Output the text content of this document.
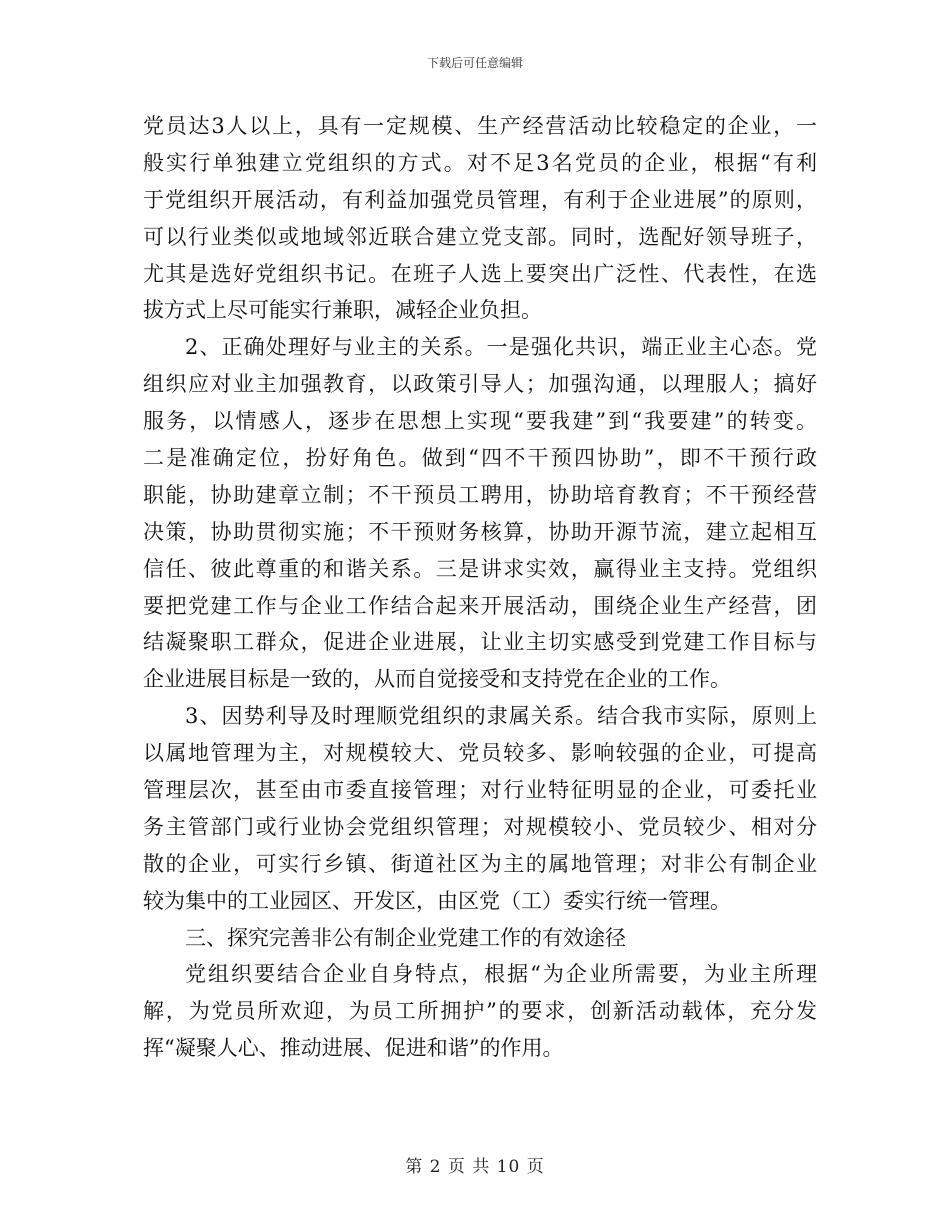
下载后可任意编辑
党员达3人以上，具有一定规模、生产经营活动比较稳定的企业，一
般实行单独建立党组织的方式。对不足3名党员的企业，根据“有利
于党组织开展活动，有利益加强党员管理，有利于企业进展”的原则，
可以行业类似或地域邻近联合建立党支部。同时，选配好领导班子，
尤其是选好党组织书记。在班子人选上要突出广泛性、代表性，在选
拔方式上尽可能实行兼职，减轻企业负担。
2、正确处理好与业主的关系。一是强化共识，端正业主心态。党
组织应对业主加强教育，以政策引导人；加强沟通，以理服人；搞好
服务，以情感人，逐步在思想上实现“要我建”到“我要建”的转变。
二是准确定位，扮好角色。做到“四不干预四协助”，即不干预行政
职能，协助建章立制；不干预员工聘用，协助培育教育；不干预经营
决策，协助贯彻实施；不干预财务核算，协助开源节流，建立起相互
信任、彼此尊重的和谐关系。三是讲求实效，赢得业主支持。党组织
要把党建工作与企业工作结合起来开展活动，围绕企业生产经营，团
结凝聚职工群众，促进企业进展，让业主切实感受到党建工作目标与
企业进展目标是一致的，从而自觉接受和支持党在企业的工作。
3、因势利导及时理顺党组织的隶属关系。结合我市实际，原则上
以属地管理为主，对规模较大、党员较多、影响较强的企业，可提高
管理层次，甚至由市委直接管理；对行业特征明显的企业，可委托业
务主管部门或行业协会党组织管理；对规模较小、党员较少、相对分
散的企业，可实行乡镇、街道社区为主的属地管理；对非公有制企业
较为集中的工业园区、开发区，由区党（工）委实行统一管理。
三、探究完善非公有制企业党建工作的有效途径
党组织要结合企业自身特点，根据“为企业所需要，为业主所理
解，为党员所欢迎，为员工所拥护”的要求，创新活动载体，充分发
挥“凝聚人心、推动进展、促进和谐”的作用。
第 2 页 共 10 页
